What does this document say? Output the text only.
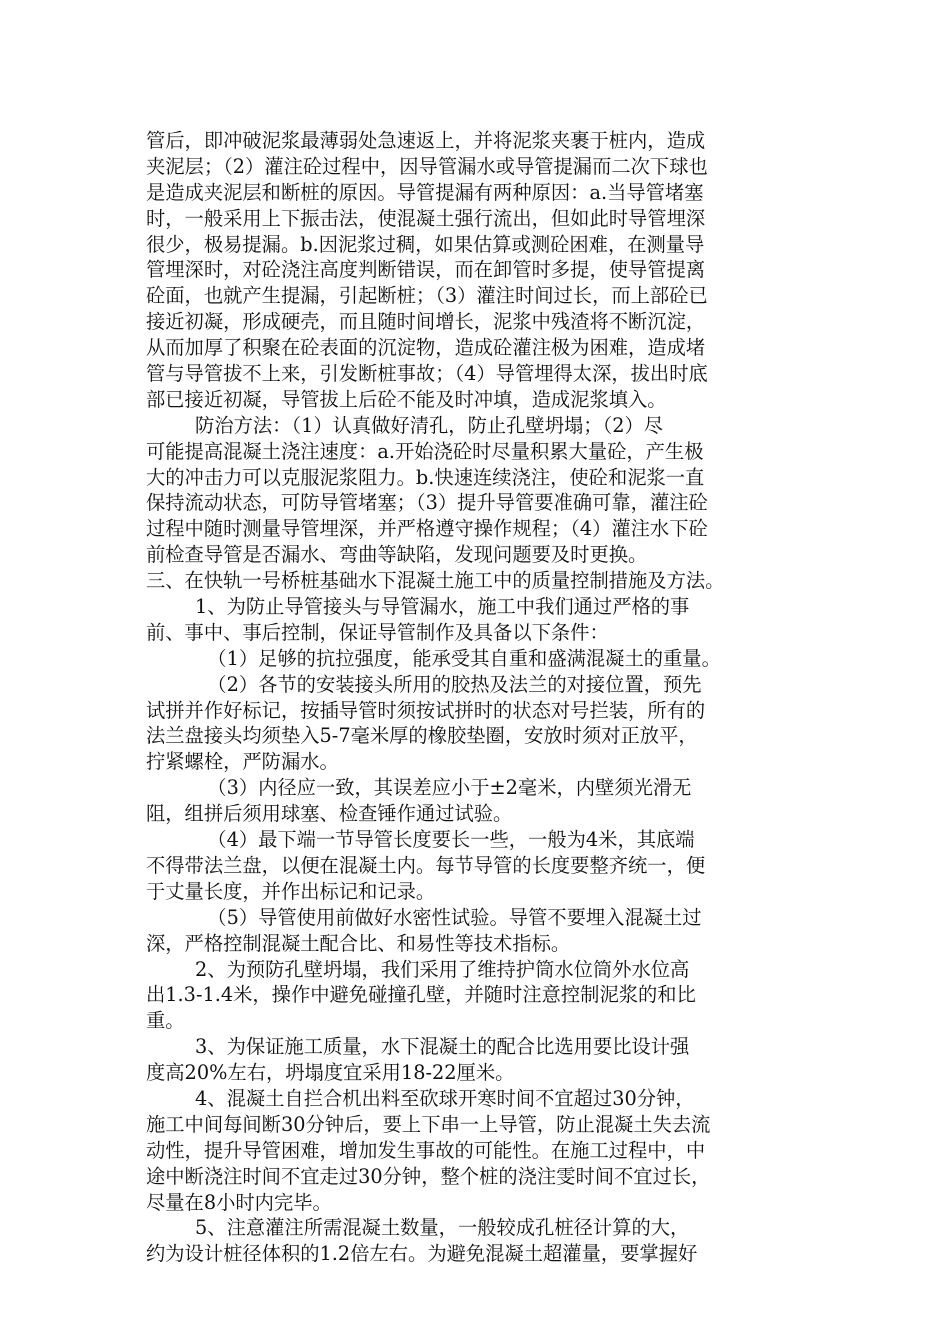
管后，即冲破泥浆最薄弱处急速返上，并将泥浆夹裹于桩内，造成
夹泥层；（2）灌注砼过程中，因导管漏水或导管提漏而二次下球也
是造成夹泥层和断桩的原因。导管提漏有两种原因：a.当导管堵塞
时，一般采用上下振击法，使混凝土强行流出，但如此时导管埋深
很少，极易提漏。b.因泥浆过稠，如果估算或测砼困难，在测量导
管埋深时，对砼浇注高度判断错误，而在卸管时多提，使导管提离
砼面，也就产生提漏，引起断桩；（3）灌注时间过长，而上部砼已
接近初凝，形成硬壳，而且随时间增长，泥浆中残渣将不断沉淀，
从而加厚了积聚在砼表面的沉淀物，造成砼灌注极为困难，造成堵
管与导管拔不上来，引发断桩事故；（4）导管埋得太深，拔出时底
部已接近初凝，导管拔上后砼不能及时冲填，造成泥浆填入。
防治方法：（1）认真做好清孔，防止孔壁坍塌；（2）尽
可能提高混凝土浇注速度：a.开始浇砼时尽量积累大量砼，产生极
大的冲击力可以克服泥浆阻力。b.快速连续浇注，使砼和泥浆一直
保持流动状态，可防导管堵塞；（3）提升导管要准确可靠，灌注砼
过程中随时测量导管埋深，并严格遵守操作规程；（4）灌注水下砼
前检查导管是否漏水、弯曲等缺陷，发现问题要及时更换。
三、在快轨一号桥桩基础水下混凝土施工中的质量控制措施及方法。
1、为防止导管接头与导管漏水，施工中我们通过严格的事
前、事中、事后控制，保证导管制作及具备以下条件：
（1）足够的抗拉强度，能承受其自重和盛满混凝土的重量。
（2）各节的安装接头所用的胶热及法兰的对接位置，预先
试拼并作好标记，按插导管时须按试拼时的状态对号拦装，所有的
法兰盘接头均须垫入5-7毫米厚的橡胶垫圈，安放时须对正放平，
拧紧螺栓，严防漏水。
（3）内径应一致，其误差应小于±2毫米，内壁须光滑无
阻，组拼后须用球塞、检查锤作通过试验。
（4）最下端一节导管长度要长一些，一般为4米，其底端
不得带法兰盘，以便在混凝土内。每节导管的长度要整齐统一，便
于丈量长度，并作出标记和记录。
（5）导管使用前做好水密性试验。导管不要埋入混凝土过
深，严格控制混凝土配合比、和易性等技术指标。
2、为预防孔壁坍塌，我们采用了维持护筒水位筒外水位高
出1.3-1.4米，操作中避免碰撞孔壁，并随时注意控制泥浆的和比
重。
3、为保证施工质量，水下混凝土的配合比选用要比设计强
度高20%左右，坍塌度宜采用18-22厘米。
4、混凝土自拦合机出料至砍球开寒时间不宜超过30分钟，
施工中间每间断30分钟后，要上下串一上导管，防止混凝土失去流
动性，提升导管困难，增加发生事故的可能性。在施工过程中，中
途中断浇注时间不宜走过30分钟，整个桩的浇注雯时间不宜过长，
尽量在8小时内完毕。
5、注意灌注所需混凝土数量，一般较成孔桩径计算的大，
约为设计桩径体积的1.2倍左右。为避免混凝土超灌量，要掌握好
